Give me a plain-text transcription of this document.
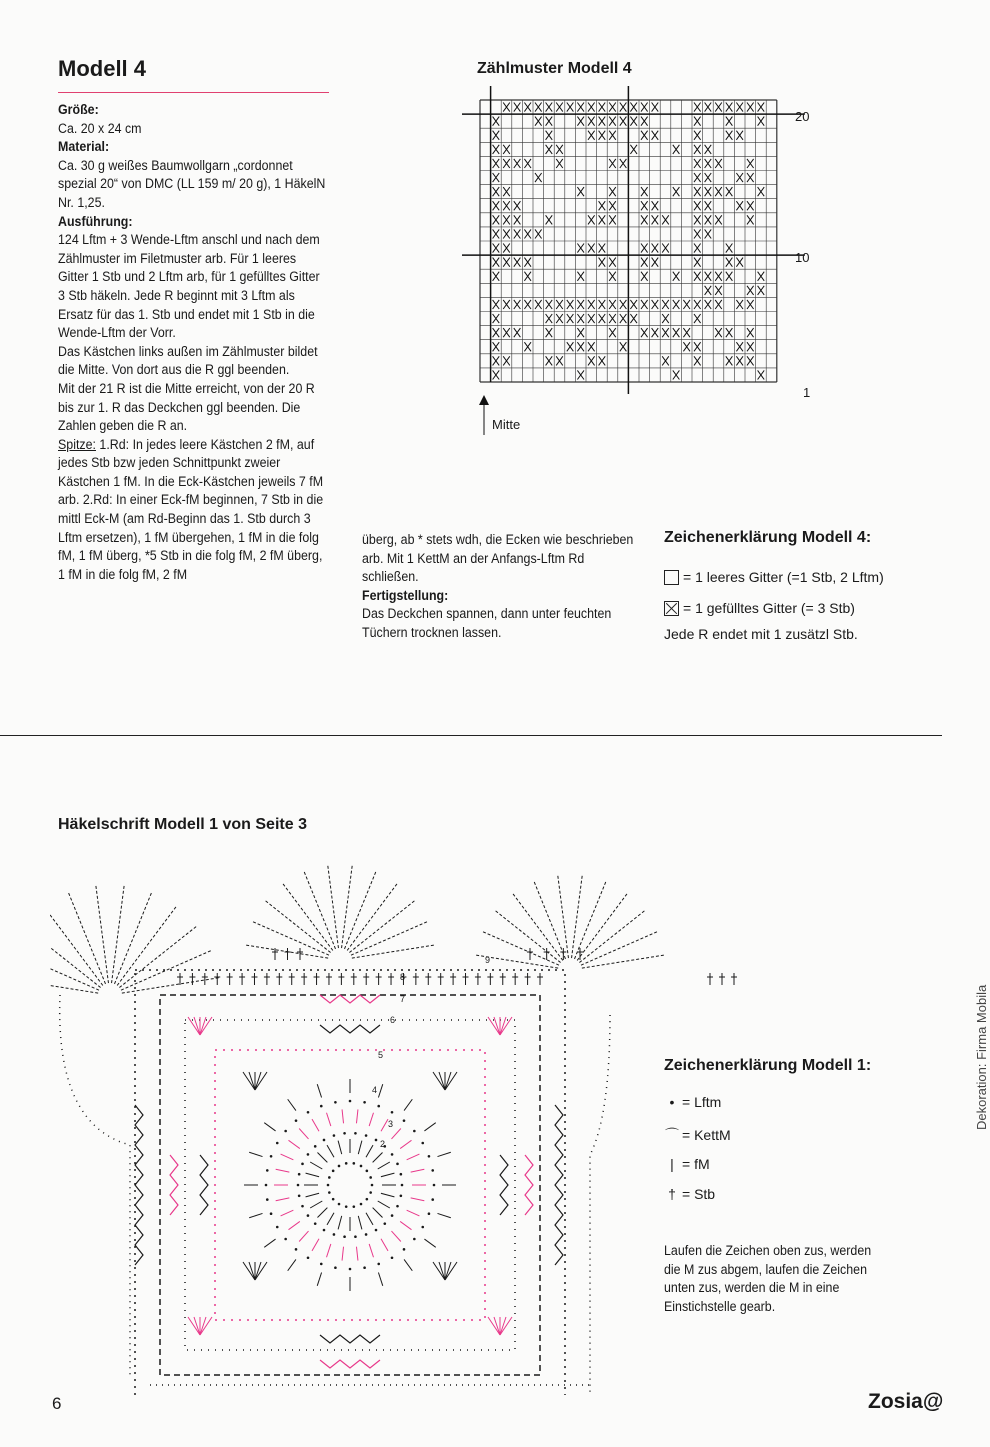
Modell 4

Größe:

Ca. 20 x 24 cm

Material:

Ca. 30 g weißes Baumwollgarn „cordonnet spezial 20“ von DMC (LL 159 m/ 20 g), 1 HäkelN Nr. 1,25.

Ausführung:

124 Lftm + 3 Wende-Lftm anschl und nach dem Zählmuster im Filetmuster arb. Für 1 leeres Gitter 1 Stb und 2 Lftm arb, für 1 gefülltes Gitter 3 Stb häkeln. Jede R beginnt mit 3 Lftm als Ersatz für das 1. Stb und endet mit 1 Stb in die Wende-Lftm der Vorr.

Das Kästchen links außen im Zählmuster bildet die Mitte. Von dort aus die R ggl beenden.

Mit der 21 R ist die Mitte erreicht, von der 20 R bis zur 1. R das Deckchen ggl beenden. Die Zahlen geben die R an.

Spitze: 1.Rd: In jedes leere Kästchen 2 fM, auf jedes Stb bzw jeden Schnittpunkt zweier Kästchen 1 fM. In die Eck-Kästchen jeweils 7 fM arb. 2.Rd: In einer Eck-fM beginnen, 7 Stb in die mittl Eck-M (am Rd-Beginn das 1. Stb durch 3 Lftm ersetzen), 1 fM übergehen, 1 fM in die folg fM, 1 fM überg, *5 Stb in die folg fM, 2 fM überg, 1 fM in die folg fM, 2 fM

überg, ab * stets wdh, die Ecken wie beschrieben arb. Mit 1 KettM an der Anfangs-Lftm Rd schließen.

Fertigstellung:

Das Deckchen spannen, dann unter feuchten Tüchern trocknen lassen.

Zählmuster Modell 4
20
10
1
Mitte
Zeichenerklärung Modell 4:
= 1 leeres Gitter (=1 Stb, 2 Lftm)
= 1 gefülltes Gitter (= 3 Stb)
Jede R endet mit 1 zusätzl Stb.
Häkelschrift Modell 1 von Seite 3
9
8
7
6
5
4
3
2
Zeichenerklärung Modell 1:
• = Lftm
⌒ = KettM
| = fM
† = Stb
Laufen die Zeichen oben zus, werden die M zus abgem, laufen die Zeichen unten zus, werden die M in eine Einstichstelle gearb.
Dekoration: Firma Mobila
6	Zosia@
